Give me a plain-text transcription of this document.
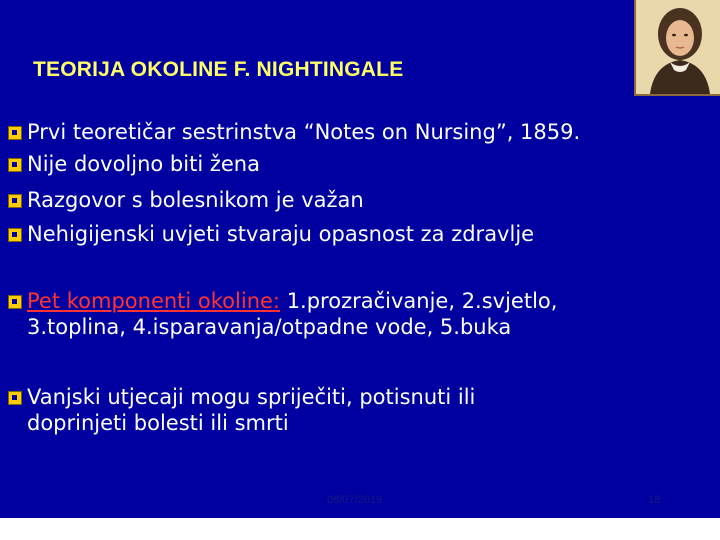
TEORIJA OKOLINE F. NIGHTINGALE
Prvi teoretičar sestrinstva “Notes on Nursing”, 1859.
Nije dovoljno biti žena
Razgovor s bolesnikom je važan
Nehigijenski uvjeti stvaraju opasnost za zdravlje
Pet komponenti okoline: 1.prozračivanje, 2.svjetlo,
3.toplina, 4.isparavanja/otpadne vode, 5.buka
Vanjski utjecaji mogu spriječiti, potisnuti ili
doprinjeti bolesti ili smrti
08/07/2019	18
